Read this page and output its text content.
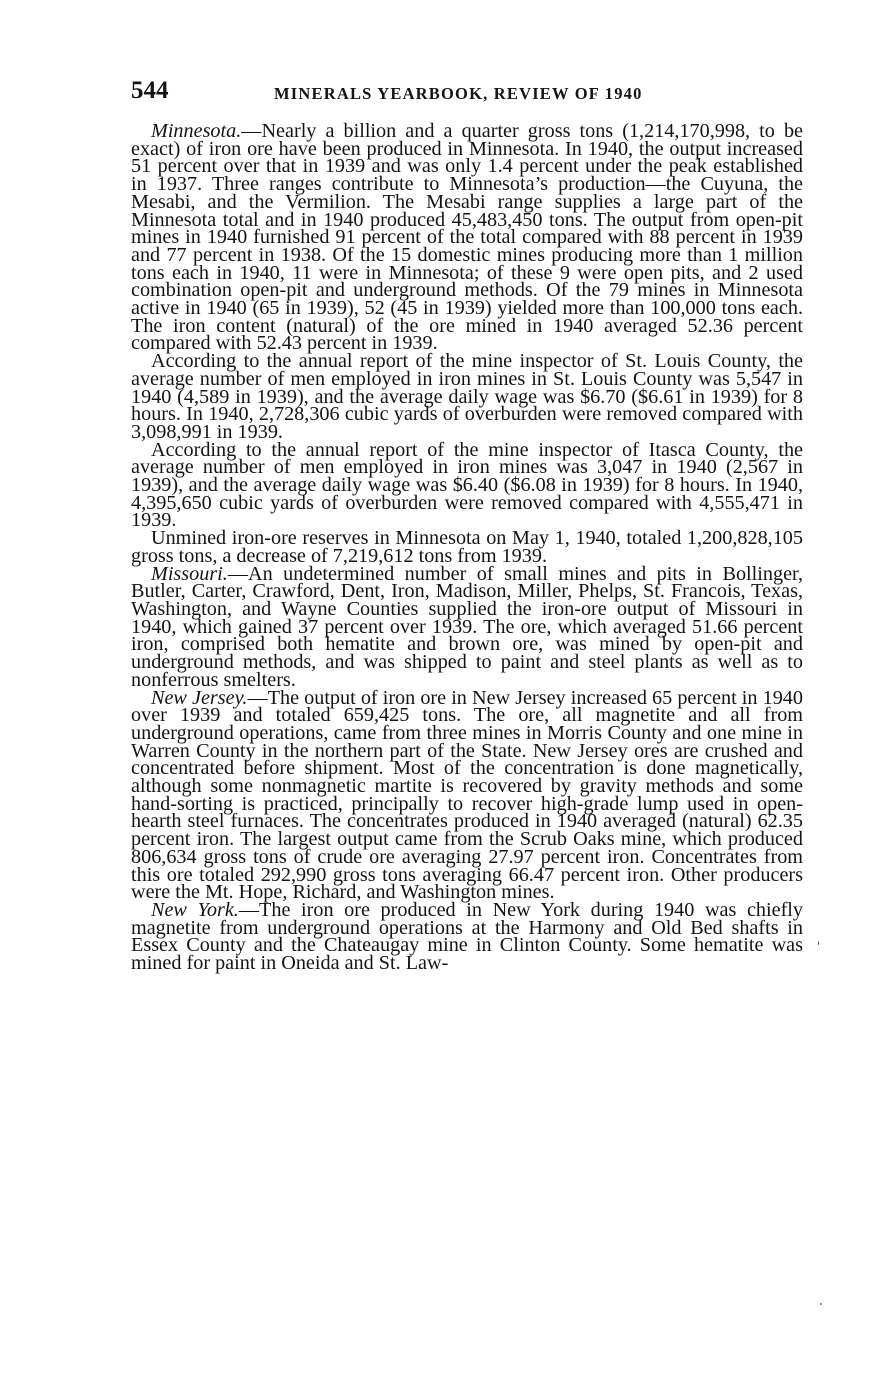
544	MINERALS YEARBOOK, REVIEW OF 1940

Minnesota.—Nearly a billion and a quarter gross tons (1,214,170,998, to be exact) of iron ore have been produced in Minnesota. In 1940, the output increased 51 percent over that in 1939 and was only 1.4 percent under the peak established in 1937. Three ranges contribute to Minnesota’s production—the Cuyuna, the Mesabi, and the Vermilion. The Mesabi range supplies a large part of the Minnesota total and in 1940 produced 45,483,450 tons. The output from open-pit mines in 1940 furnished 91 percent of the total compared with 88 percent in 1939 and 77 percent in 1938. Of the 15 domestic mines producing more than 1 million tons each in 1940, 11 were in Minnesota; of these 9 were open pits, and 2 used combination open-pit and underground methods. Of the 79 mines in Minnesota active in 1940 (65 in 1939), 52 (45 in 1939) yielded more than 100,000 tons each. The iron content (natural) of the ore mined in 1940 averaged 52.36 percent compared with 52.43 percent in 1939.

According to the annual report of the mine inspector of St. Louis County, the average number of men employed in iron mines in St. Louis County was 5,547 in 1940 (4,589 in 1939), and the average daily wage was $6.70 ($6.61 in 1939) for 8 hours. In 1940, 2,728,306 cubic yards of overburden were removed compared with 3,098,991 in 1939.

According to the annual report of the mine inspector of Itasca County, the average number of men employed in iron mines was 3,047 in 1940 (2,567 in 1939), and the average daily wage was $6.40 ($6.08 in 1939) for 8 hours. In 1940, 4,395,650 cubic yards of overburden were removed compared with 4,555,471 in 1939.

Unmined iron-ore reserves in Minnesota on May 1, 1940, totaled 1,200,828,105 gross tons, a decrease of 7,219,612 tons from 1939.

Missouri.—An undetermined number of small mines and pits in Bollinger, Butler, Carter, Crawford, Dent, Iron, Madison, Miller, Phelps, St. Francois, Texas, Washington, and Wayne Counties supplied the iron-ore output of Missouri in 1940, which gained 37 percent over 1939. The ore, which averaged 51.66 percent iron, comprised both hematite and brown ore, was mined by open-pit and underground methods, and was shipped to paint and steel plants as well as to nonferrous smelters.

New Jersey.—The output of iron ore in New Jersey increased 65 percent in 1940 over 1939 and totaled 659,425 tons. The ore, all magnetite and all from underground operations, came from three mines in Morris County and one mine in Warren County in the northern part of the State. New Jersey ores are crushed and concentrated before shipment. Most of the concentration is done magnetically, although some nonmagnetic martite is recovered by gravity methods and some hand-sorting is practiced, principally to recover high-grade lump used in open-hearth steel furnaces. The concentrates produced in 1940 averaged (natural) 62.35 percent iron. The largest output came from the Scrub Oaks mine, which produced 806,634 gross tons of crude ore averaging 27.97 percent iron. Concentrates from this ore totaled 292,990 gross tons averaging 66.47 percent iron. Other producers were the Mt. Hope, Richard, and Washington mines.

New York.—The iron ore produced in New York during 1940 was chiefly magnetite from underground operations at the Harmony and Old Bed shafts in Essex County and the Chateaugay mine in Clinton County. Some hematite was mined for paint in Oneida and St. Law-
